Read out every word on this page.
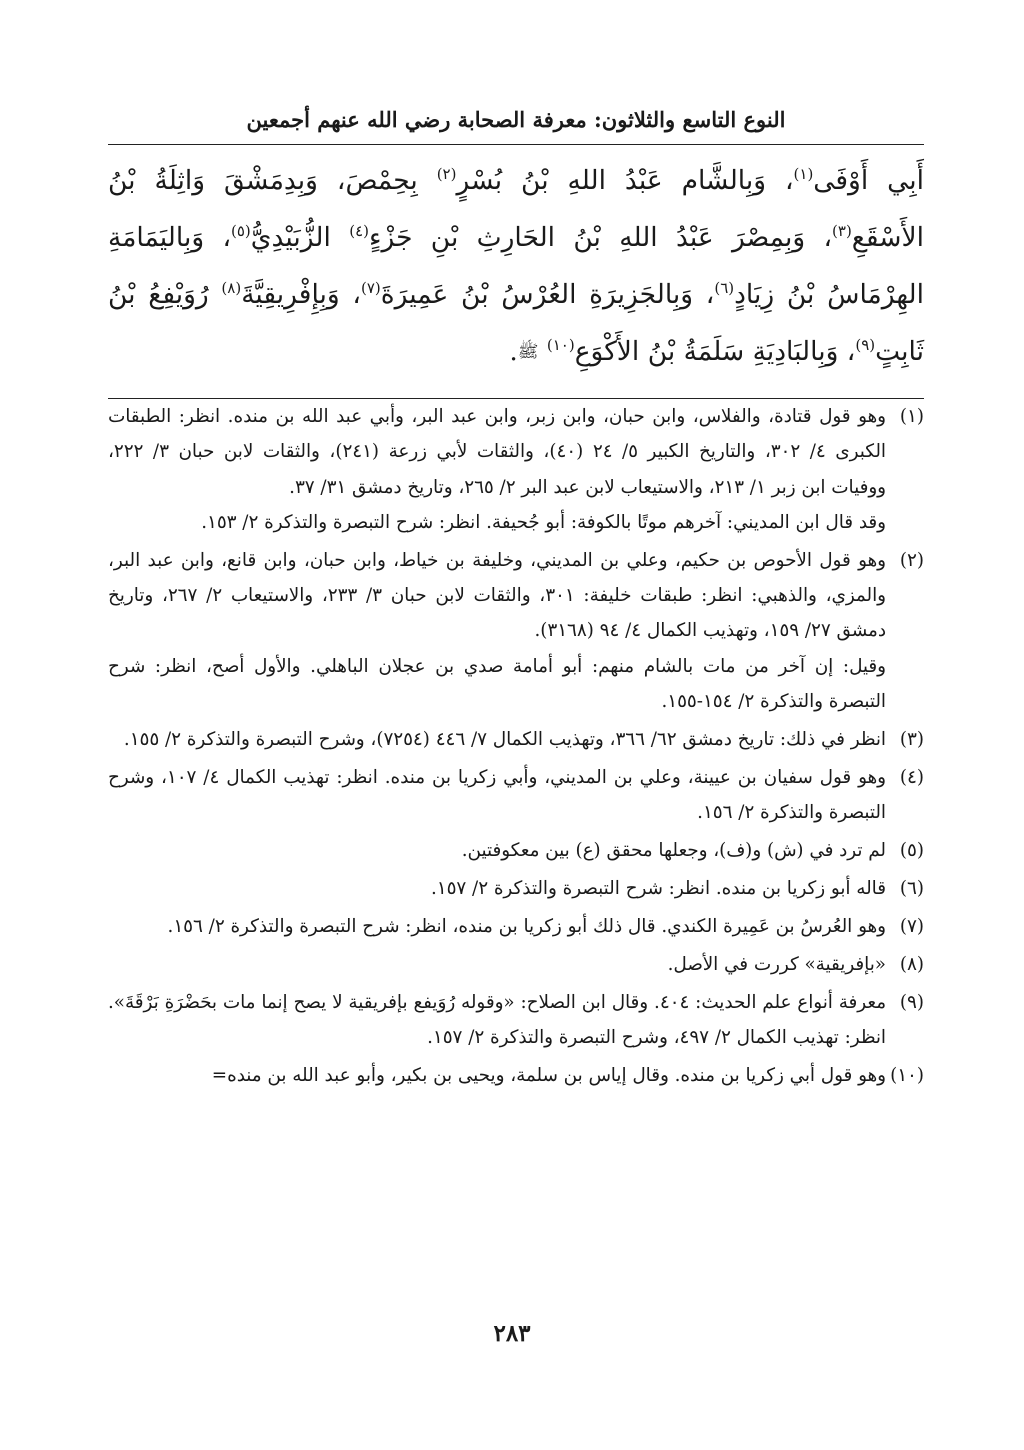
النوع التاسع والثلاثون: معرفة الصحابة رضي الله عنهم أجمعين
أَبِي أَوْفَى$^{(١)}$، وَبِالشَّام عَبْدُ اللهِ بْنُ بُسْرٍ$^{(٢)}$ بِحِمْصَ، وَبِدِمَشْقَ وَاثِلَةُ بْنُ الأَسْقَعِ$^{(٣)}$، وَبِمِصْرَ عَبْدُ اللهِ بْنُ الحَارِثِ بْنِ جَزْءٍ$^{(٤)}$ الزُّبَيْدِيُّ$^{(٥)}$، وَبِاليَمَامَةِ الهِرْمَاسُ بْنُ زِيَادٍ$^{(٦)}$، وَبِالجَزِيرَةِ العُرْسُ بْنُ عَمِيرَةَ$^{(٧)}$، وَبِإِفْرِيقِيَّةَ$^{(٨)}$ رُوَيْفِعُ بْنُ ثَابِتٍ$^{(٩)}$، وَبِالبَادِيَةِ سَلَمَةُ بْنُ الأَكْوَعِ$^{(١٠)}$ ﷺ.
(١)
وهو قول قتادة، والفلاس، وابن حبان، وابن زبر، وابن عبد البر، وأبي عبد الله بن منده. انظر: الطبقات الكبرى ٤/ ٣٠٢، والتاريخ الكبير ٥/ ٢٤ (٤٠)، والثقات لأبي زرعة (٢٤١)، والثقات لابن حبان ٣/ ٢٢٢، ووفيات ابن زبر ١/ ٢١٣، والاستيعاب لابن عبد البر ٢/ ٢٦٥، وتاريخ دمشق ٣١/ ٣٧.
وقد قال ابن المديني: آخرهم موتًا بالكوفة: أبو جُحيفة. انظر: شرح التبصرة والتذكرة ٢/ ١٥٣.
(٢)
وهو قول الأحوص بن حكيم، وعلي بن المديني، وخليفة بن خياط، وابن حبان، وابن قانع، وابن عبد البر، والمزي، والذهبي: انظر: طبقات خليفة: ٣٠١، والثقات لابن حبان ٣/ ٢٣٣، والاستيعاب ٢/ ٢٦٧، وتاريخ دمشق ٢٧/ ١٥٩، وتهذيب الكمال ٤/ ٩٤ (٣١٦٨).
وقيل: إن آخر من مات بالشام منهم: أبو أمامة صدي بن عجلان الباهلي. والأول أصح، انظر: شرح التبصرة والتذكرة ٢/ ١٥٤-١٥٥.
(٣)
انظر في ذلك: تاريخ دمشق ٦٢/ ٣٦٦، وتهذيب الكمال ٧/ ٤٤٦ (٧٢٥٤)، وشرح التبصرة والتذكرة ٢/ ١٥٥.
(٤)
وهو قول سفيان بن عيينة، وعلي بن المديني، وأبي زكريا بن منده. انظر: تهذيب الكمال ٤/ ١٠٧، وشرح التبصرة والتذكرة ٢/ ١٥٦.
(٥)
لم ترد في (ش) و(ف)، وجعلها محقق (ع) بين معكوفتين.
(٦)
قاله أبو زكريا بن منده. انظر: شرح التبصرة والتذكرة ٢/ ١٥٧.
(٧)
وهو العُرسُ بن عَمِيرة الكندي. قال ذلك أبو زكريا بن منده، انظر: شرح التبصرة والتذكرة ٢/ ١٥٦.
(٨)
«بإفريقية» كررت في الأصل.
(٩)
معرفة أنواع علم الحديث: ٤٠٤. وقال ابن الصلاح: «وقوله رُوَيفع بإفريقية لا يصح إنما مات بحَضْرَةِ بَرْقَةَ». انظر: تهذيب الكمال ٢/ ٤٩٧، وشرح التبصرة والتذكرة ٢/ ١٥٧.
(١٠)
وهو قول أبي زكريا بن منده. وقال إياس بن سلمة، ويحيى بن بكير، وأبو عبد الله بن منده=
٢٨٣
